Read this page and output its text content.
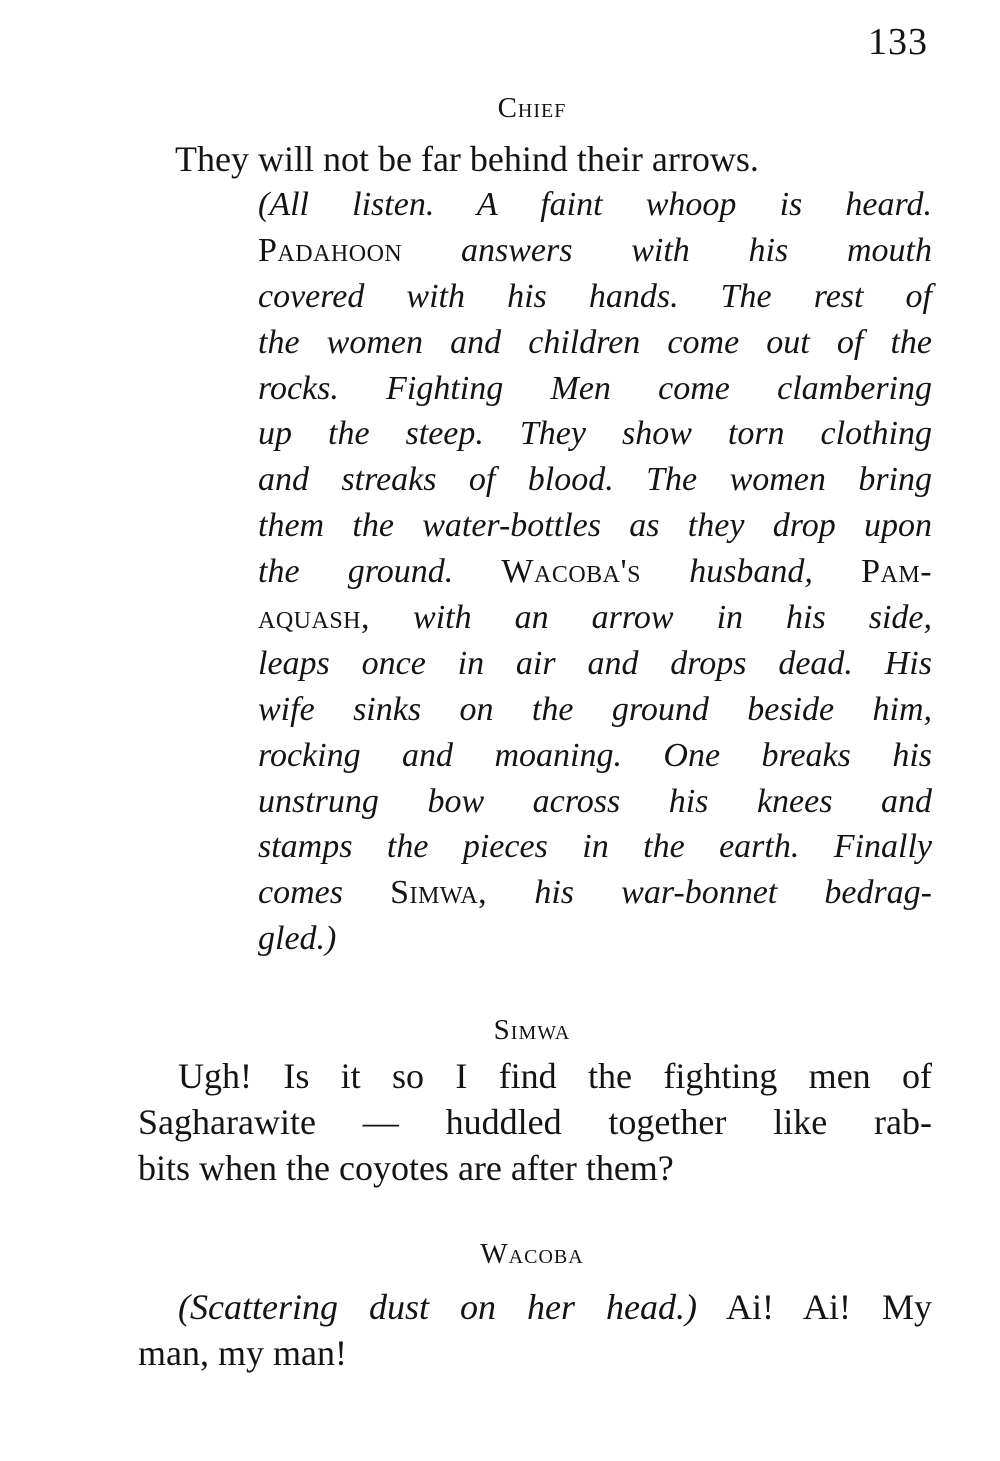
133
Chief
They will not be far behind their arrows.
(All listen. A faint whoop is heard.
Padahoon answers with his mouth
covered with his hands. The rest of
the women and children come out of the
rocks. Fighting Men come clambering
up the steep. They show torn clothing
and streaks of blood. The women bring
them the water-bottles as they drop upon
the ground. Wacoba's husband, Pam-
aquash, with an arrow in his side,
leaps once in air and drops dead. His
wife sinks on the ground beside him,
rocking and moaning. One breaks his
unstrung bow across his knees and
stamps the pieces in the earth. Finally
comes Simwa, his war-bonnet bedrag-
gled.)
Simwa
Ugh! Is it so I find the fighting men of
Sagharawite — huddled together like rab-
bits when the coyotes are after them?
Wacoba
(Scattering dust on her head.) Ai! Ai! My
man, my man!
